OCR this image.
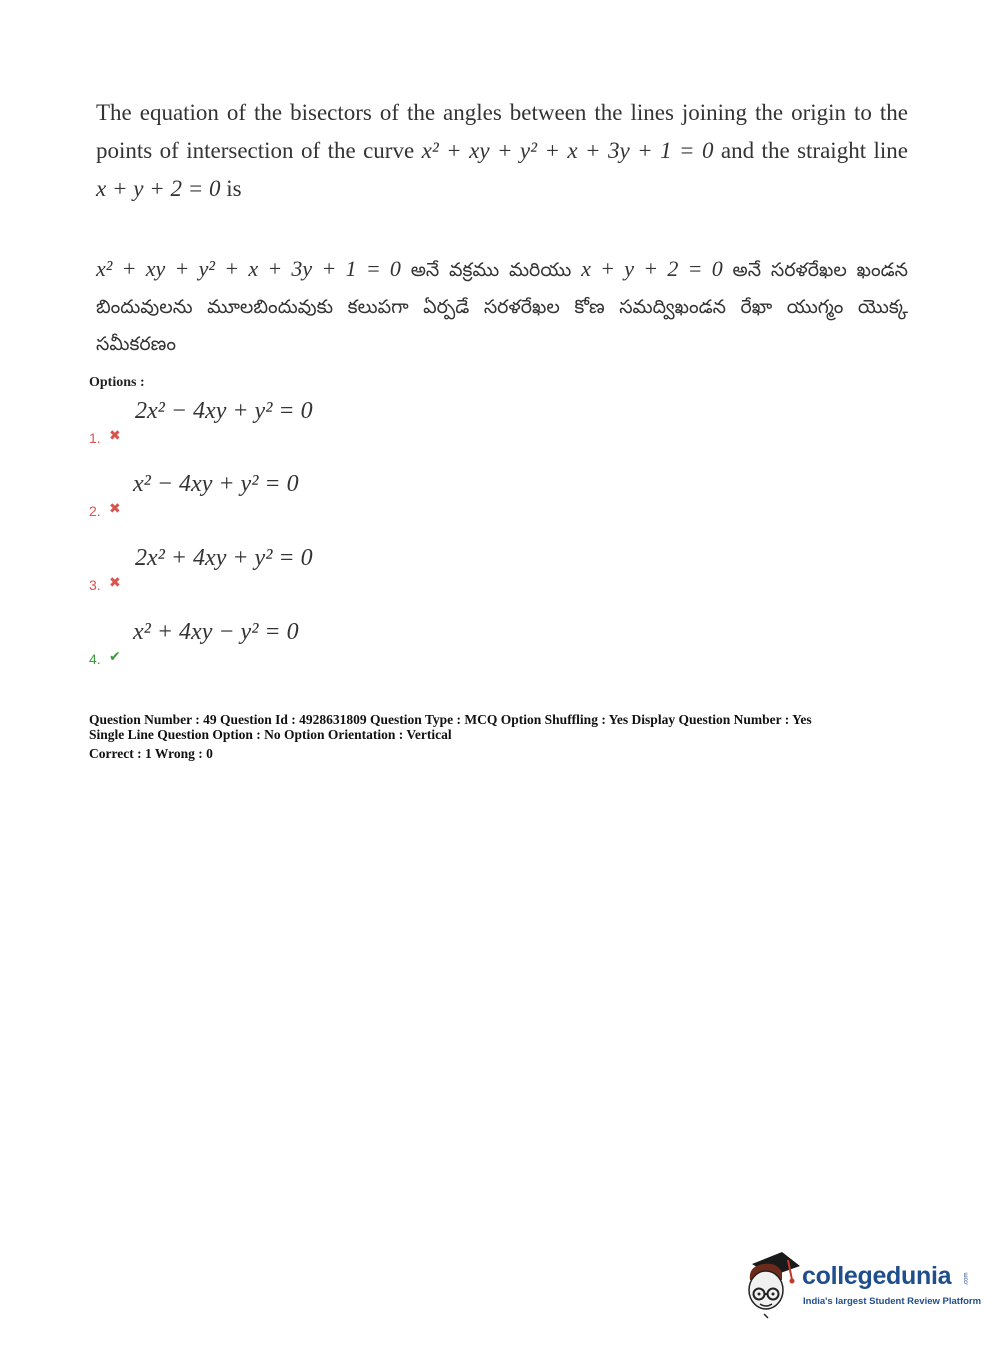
The equation of the bisectors of the angles between the lines joining the origin to the points of intersection of the curve x² + xy + y² + x + 3y + 1 = 0 and the straight line x + y + 2 = 0 is
x² + xy + y² + x + 3y + 1 = 0 అనే వక్రము మరియు x + y + 2 = 0 అనే సరళరేఖల ఖండన బిందువులను మూలబిందువుకు కలుపగా ఏర్పడే సరళరేఖల కోణ సమద్విఖండన రేఖా యుగ్మం యొక్క సమీకరణం
Options :
1. ✖
2x² − 4xy + y² = 0
2. ✖
x² − 4xy + y² = 0
3. ✖
2x² + 4xy + y² = 0
4. ✔
x² + 4xy − y² = 0
Question Number : 49 Question Id : 4928631809 Question Type : MCQ Option Shuffling : Yes Display Question Number : Yes
Single Line Question Option : No Option Orientation : Vertical
Correct : 1 Wrong : 0
collegedunia .com
India's largest Student Review Platform
